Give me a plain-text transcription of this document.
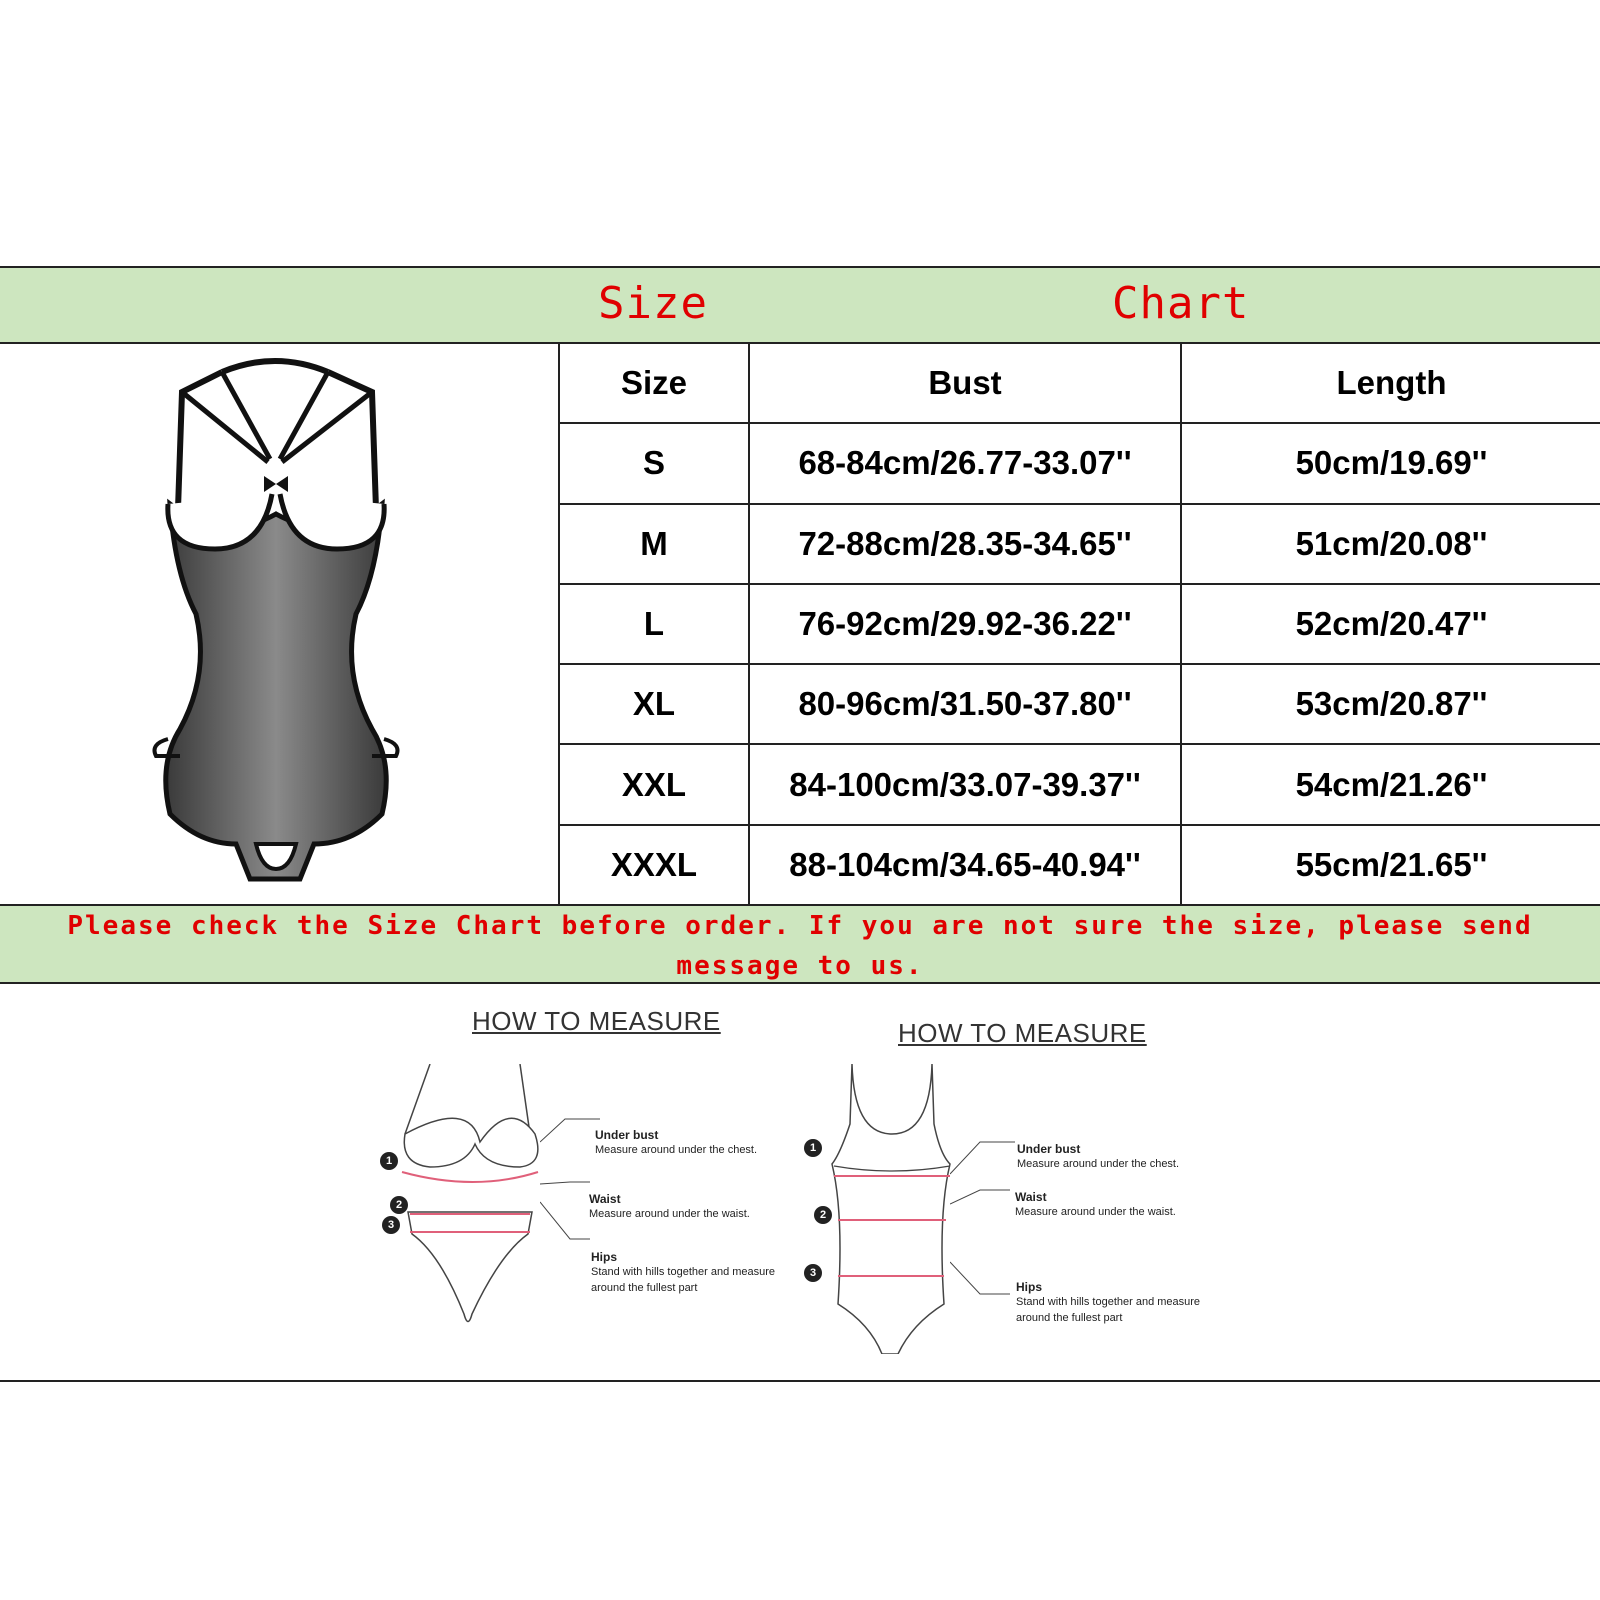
Size	Chart
Size	Bust	Length
S	68-84cm/26.77-33.07''	50cm/19.69''
M	72-88cm/28.35-34.65''	51cm/20.08''
L	76-92cm/29.92-36.22''	52cm/20.47''
XL	80-96cm/31.50-37.80''	53cm/20.87''
XXL	84-100cm/33.07-39.37''	54cm/21.26''
XXXL	88-104cm/34.65-40.94''	55cm/21.65''
Please check the Size Chart before order. If you are not sure the size, please send message to us.
HOW TO MEASURE	HOW TO MEASURE
1
2
3
Under bust
Measure around under the chest.
Waist
Measure around under the waist.
Hips
Stand with hills together and measure around the fullest part
1
2
3
Under bust
Measure around under the chest.
Waist
Measure around under the waist.
Hips
Stand with hills together and measure around the fullest part
